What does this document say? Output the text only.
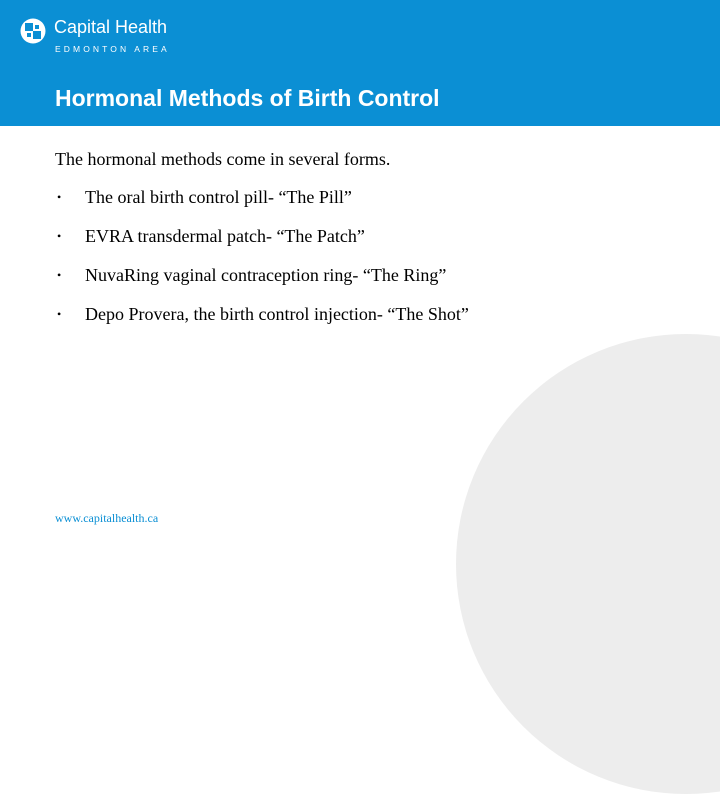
Capital Health
EDMONTON AREA
Hormonal Methods of Birth Control

The hormonal methods come in several forms.

• The oral birth control pill- “The Pill”
• EVRA transdermal patch- “The Patch”
• NuvaRing vaginal contraception ring- “The Ring”
• Depo Provera, the birth control injection- “The Shot”
www.capitalhealth.ca
